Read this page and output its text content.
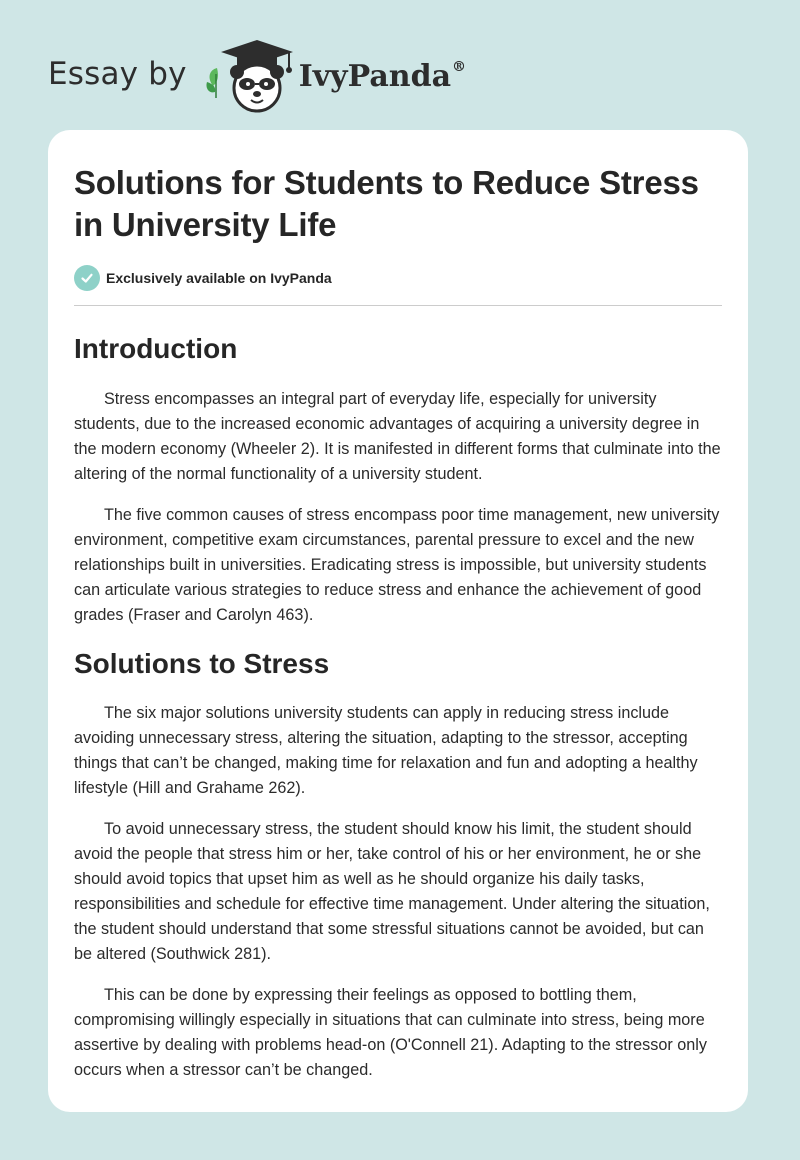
Essay by	IvyPanda®
Solutions for Students to Reduce Stress in University Life
Exclusively available on IvyPanda
Introduction

Stress encompasses an integral part of everyday life, especially for university students, due to the increased economic advantages of acquiring a university degree in the modern economy (Wheeler 2). It is manifested in different forms that culminate into the altering of the normal functionality of a university student.

The five common causes of stress encompass poor time management, new university environment, competitive exam circumstances, parental pressure to excel and the new relationships built in universities. Eradicating stress is impossible, but university students can articulate various strategies to reduce stress and enhance the achievement of good grades (Fraser and Carolyn 463).

Solutions to Stress

The six major solutions university students can apply in reducing stress include avoiding unnecessary stress, altering the situation, adapting to the stressor, accepting things that can’t be changed, making time for relaxation and fun and adopting a healthy lifestyle (Hill and Grahame 262).

To avoid unnecessary stress, the student should know his limit, the student should avoid the people that stress him or her, take control of his or her environment, he or she should avoid topics that upset him as well as he should organize his daily tasks, responsibilities and schedule for effective time management. Under altering the situation, the student should understand that some stressful situations cannot be avoided, but can be altered (Southwick 281).

This can be done by expressing their feelings as opposed to bottling them, compromising willingly especially in situations that can culminate into stress, being more assertive by dealing with problems head-on (O'Connell 21). Adapting to the stressor only occurs when a stressor can’t be changed.
